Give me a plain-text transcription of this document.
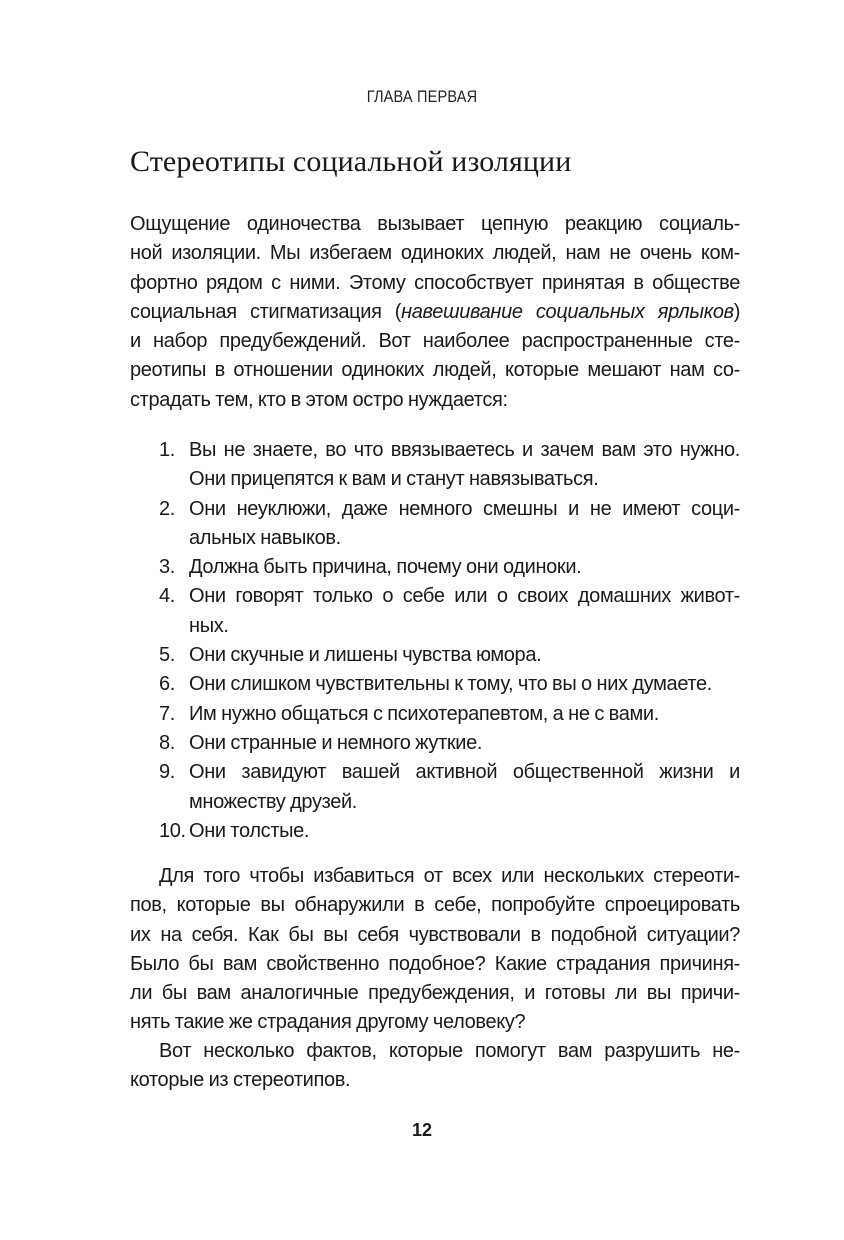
ГЛАВА ПЕРВАЯ
Стереотипы социальной изоляции
Ощущение одиночества вызывает цепную реакцию социаль-
ной изоляции. Мы избегаем одиноких людей, нам не очень ком-
фортно рядом с ними. Этому способствует принятая в обществе
социальная стигматизация (навешивание социальных ярлыков)
и набор предубеждений. Вот наиболее распространенные сте-
реотипы в отношении одиноких людей, которые мешают нам со-
страдать тем, кто в этом остро нуждается:
1. Вы не знаете, во что ввязываетесь и зачем вам это нужно.
Они прицепятся к вам и станут навязываться.
2. Они неуклюжи, даже немного смешны и не имеют соци-
альных навыков.
3. Должна быть причина, почему они одиноки.
4. Они говорят только о себе или о своих домашних живот-
ных.
5. Они скучные и лишены чувства юмора.
6. Они слишком чувствительны к тому, что вы о них думаете.
7. Им нужно общаться с психотерапевтом, а не с вами.
8. Они странные и немного жуткие.
9. Они завидуют вашей активной общественной жизни и
множеству друзей.
10. Они толстые.
Для того чтобы избавиться от всех или нескольких стереоти-
пов, которые вы обнаружили в себе, попробуйте спроецировать
их на себя. Как бы вы себя чувствовали в подобной ситуации?
Было бы вам свойственно подобное? Какие страдания причиня-
ли бы вам аналогичные предубеждения, и готовы ли вы причи-
нять такие же страдания другому человеку?
Вот несколько фактов, которые помогут вам разрушить не-
которые из стереотипов.
12
